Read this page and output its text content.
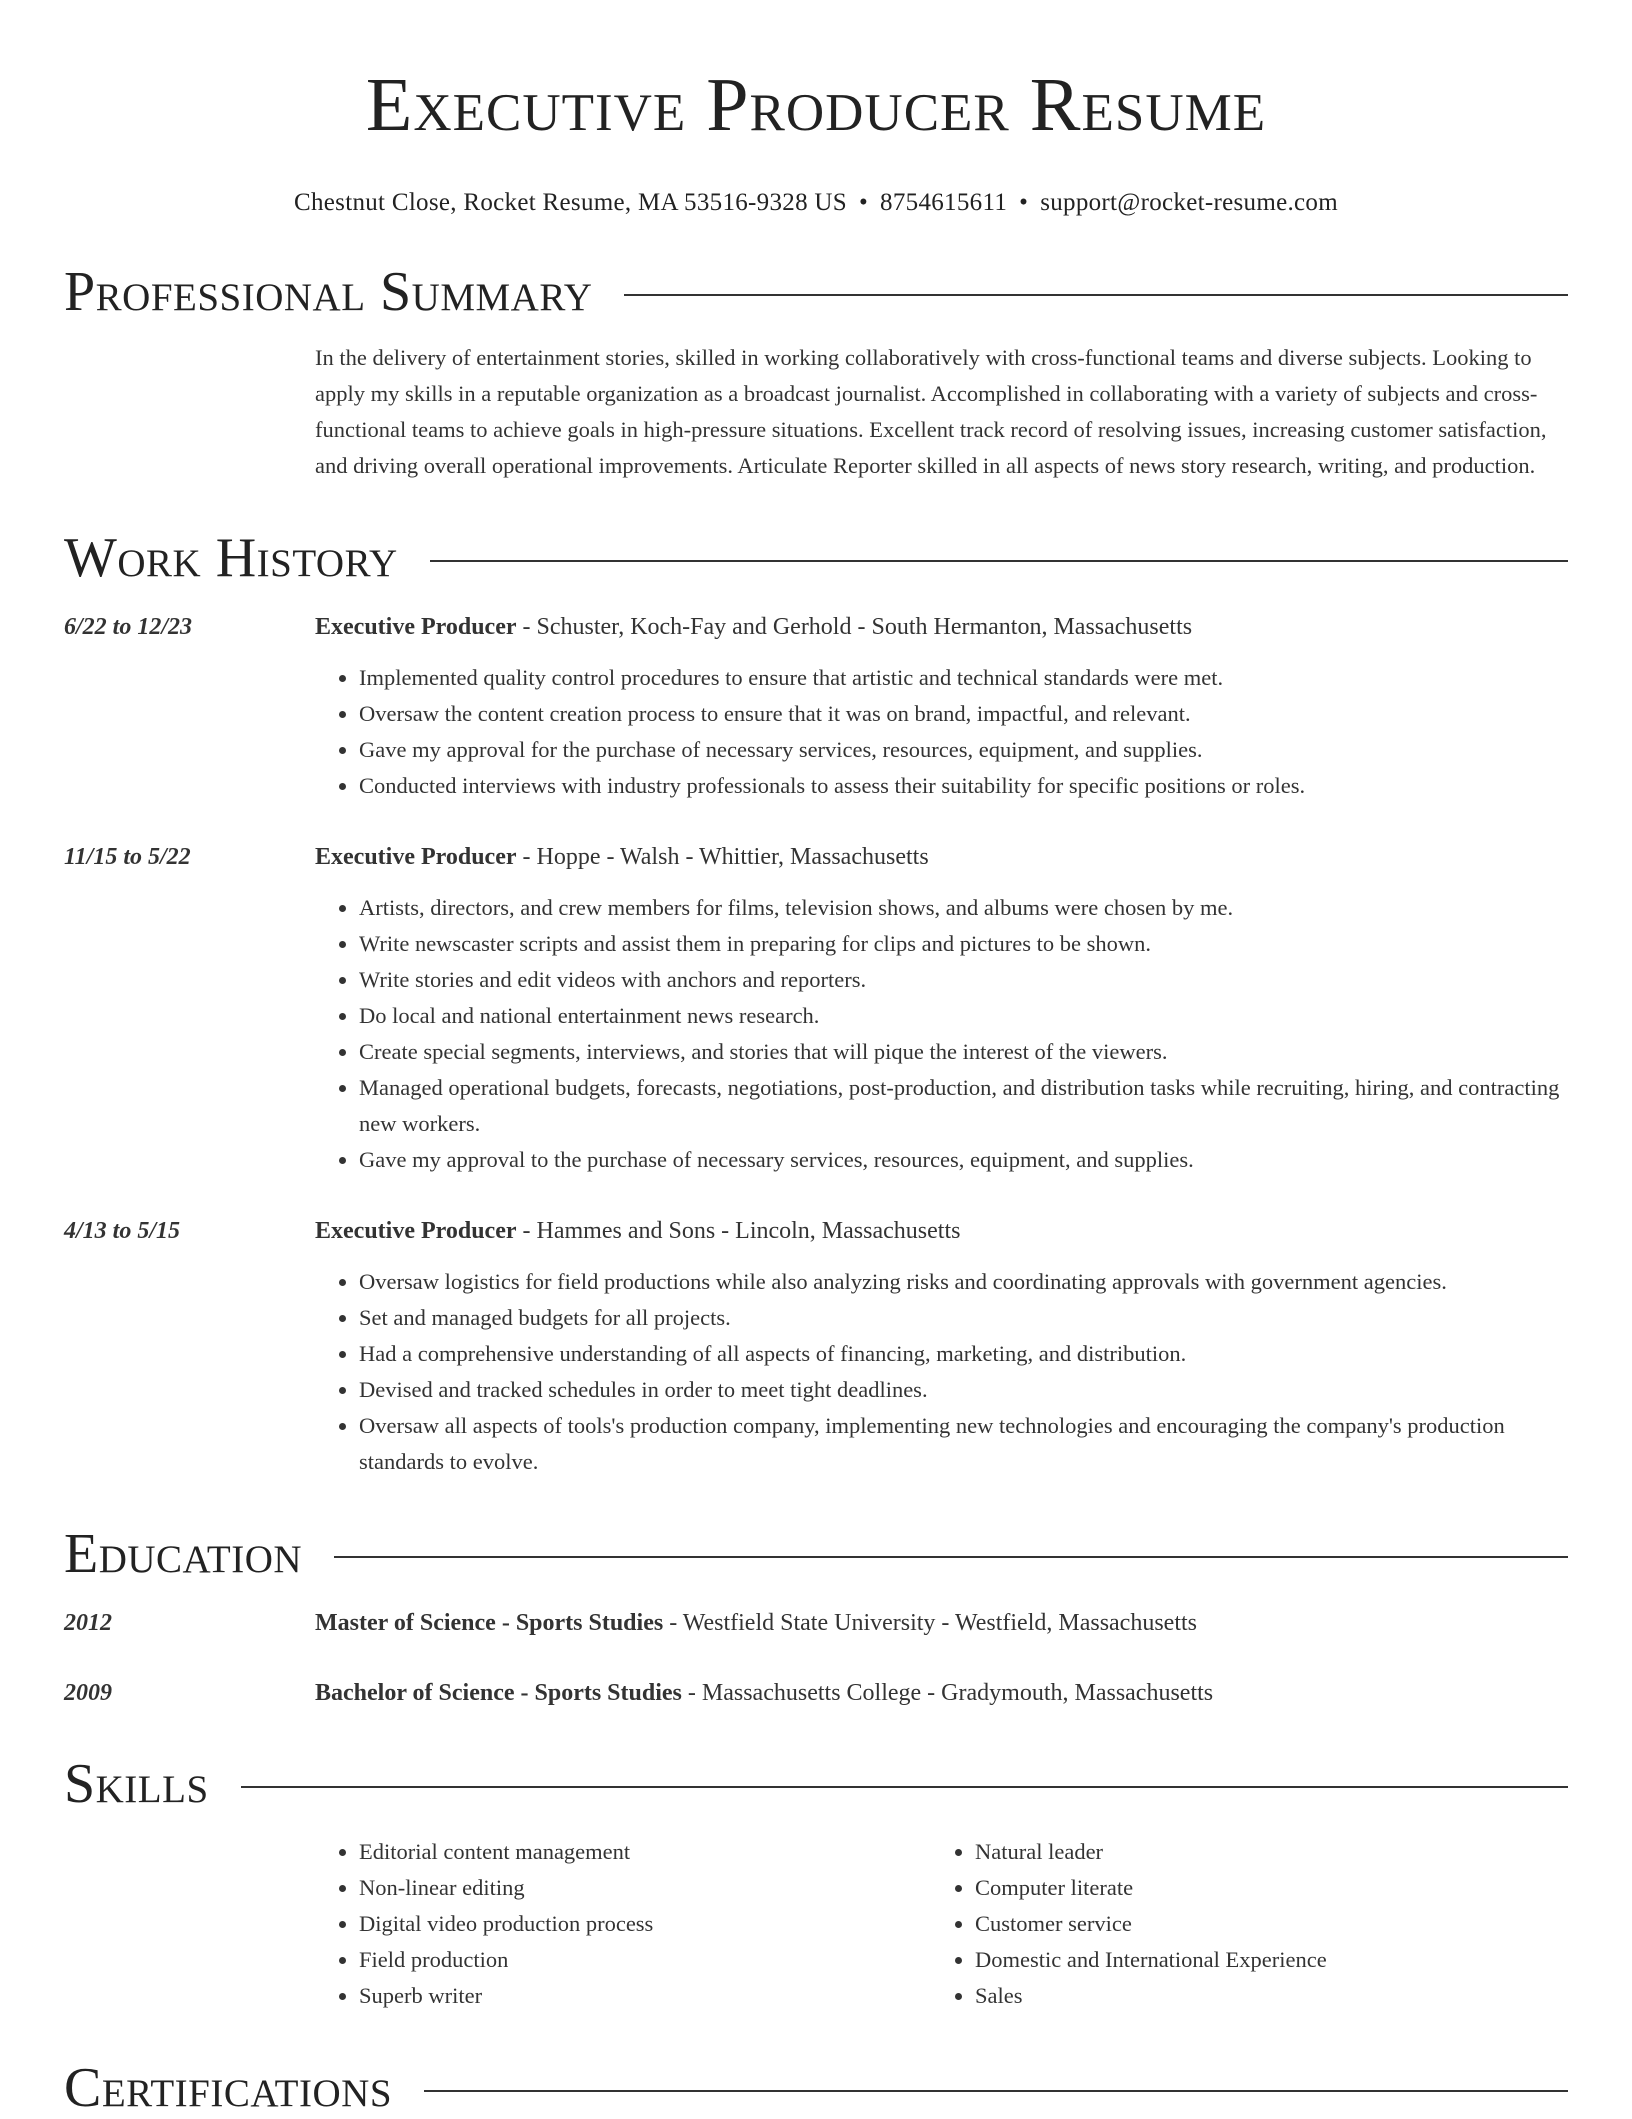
Executive Producer Resume
Chestnut Close, Rocket Resume, MA 53516-9328 US • 8754615611 • support@rocket-resume.com
Professional Summary
In the delivery of entertainment stories, skilled in working collaboratively with cross-functional teams and diverse subjects. Looking to apply my skills in a reputable organization as a broadcast journalist. Accomplished in collaborating with a variety of subjects and cross-functional teams to achieve goals in high-pressure situations. Excellent track record of resolving issues, increasing customer satisfaction, and driving overall operational improvements. Articulate Reporter skilled in all aspects of news story research, writing, and production.
Work History
6/22 to 12/23	Executive Producer - Schuster, Koch-Fay and Gerhold - South Hermanton, Massachusetts
• Implemented quality control procedures to ensure that artistic and technical standards were met.
• Oversaw the content creation process to ensure that it was on brand, impactful, and relevant.
• Gave my approval for the purchase of necessary services, resources, equipment, and supplies.
• Conducted interviews with industry professionals to assess their suitability for specific positions or roles.
11/15 to 5/22	Executive Producer - Hoppe - Walsh - Whittier, Massachusetts
• Artists, directors, and crew members for films, television shows, and albums were chosen by me.
• Write newscaster scripts and assist them in preparing for clips and pictures to be shown.
• Write stories and edit videos with anchors and reporters.
• Do local and national entertainment news research.
• Create special segments, interviews, and stories that will pique the interest of the viewers.
• Managed operational budgets, forecasts, negotiations, post-production, and distribution tasks while recruiting, hiring, and contracting new workers.
• Gave my approval to the purchase of necessary services, resources, equipment, and supplies.
4/13 to 5/15	Executive Producer - Hammes and Sons - Lincoln, Massachusetts
• Oversaw logistics for field productions while also analyzing risks and coordinating approvals with government agencies.
• Set and managed budgets for all projects.
• Had a comprehensive understanding of all aspects of financing, marketing, and distribution.
• Devised and tracked schedules in order to meet tight deadlines.
• Oversaw all aspects of tools's production company, implementing new technologies and encouraging the company's production standards to evolve.
Education
2012	Master of Science - Sports Studies - Westfield State University - Westfield, Massachusetts
2009	Bachelor of Science - Sports Studies - Massachusetts College - Gradymouth, Massachusetts
Skills
• Editorial content management
• Non-linear editing
• Digital video production process
• Field production
• Superb writer
• Natural leader
• Computer literate
• Customer service
• Domestic and International Experience
• Sales
Certifications
